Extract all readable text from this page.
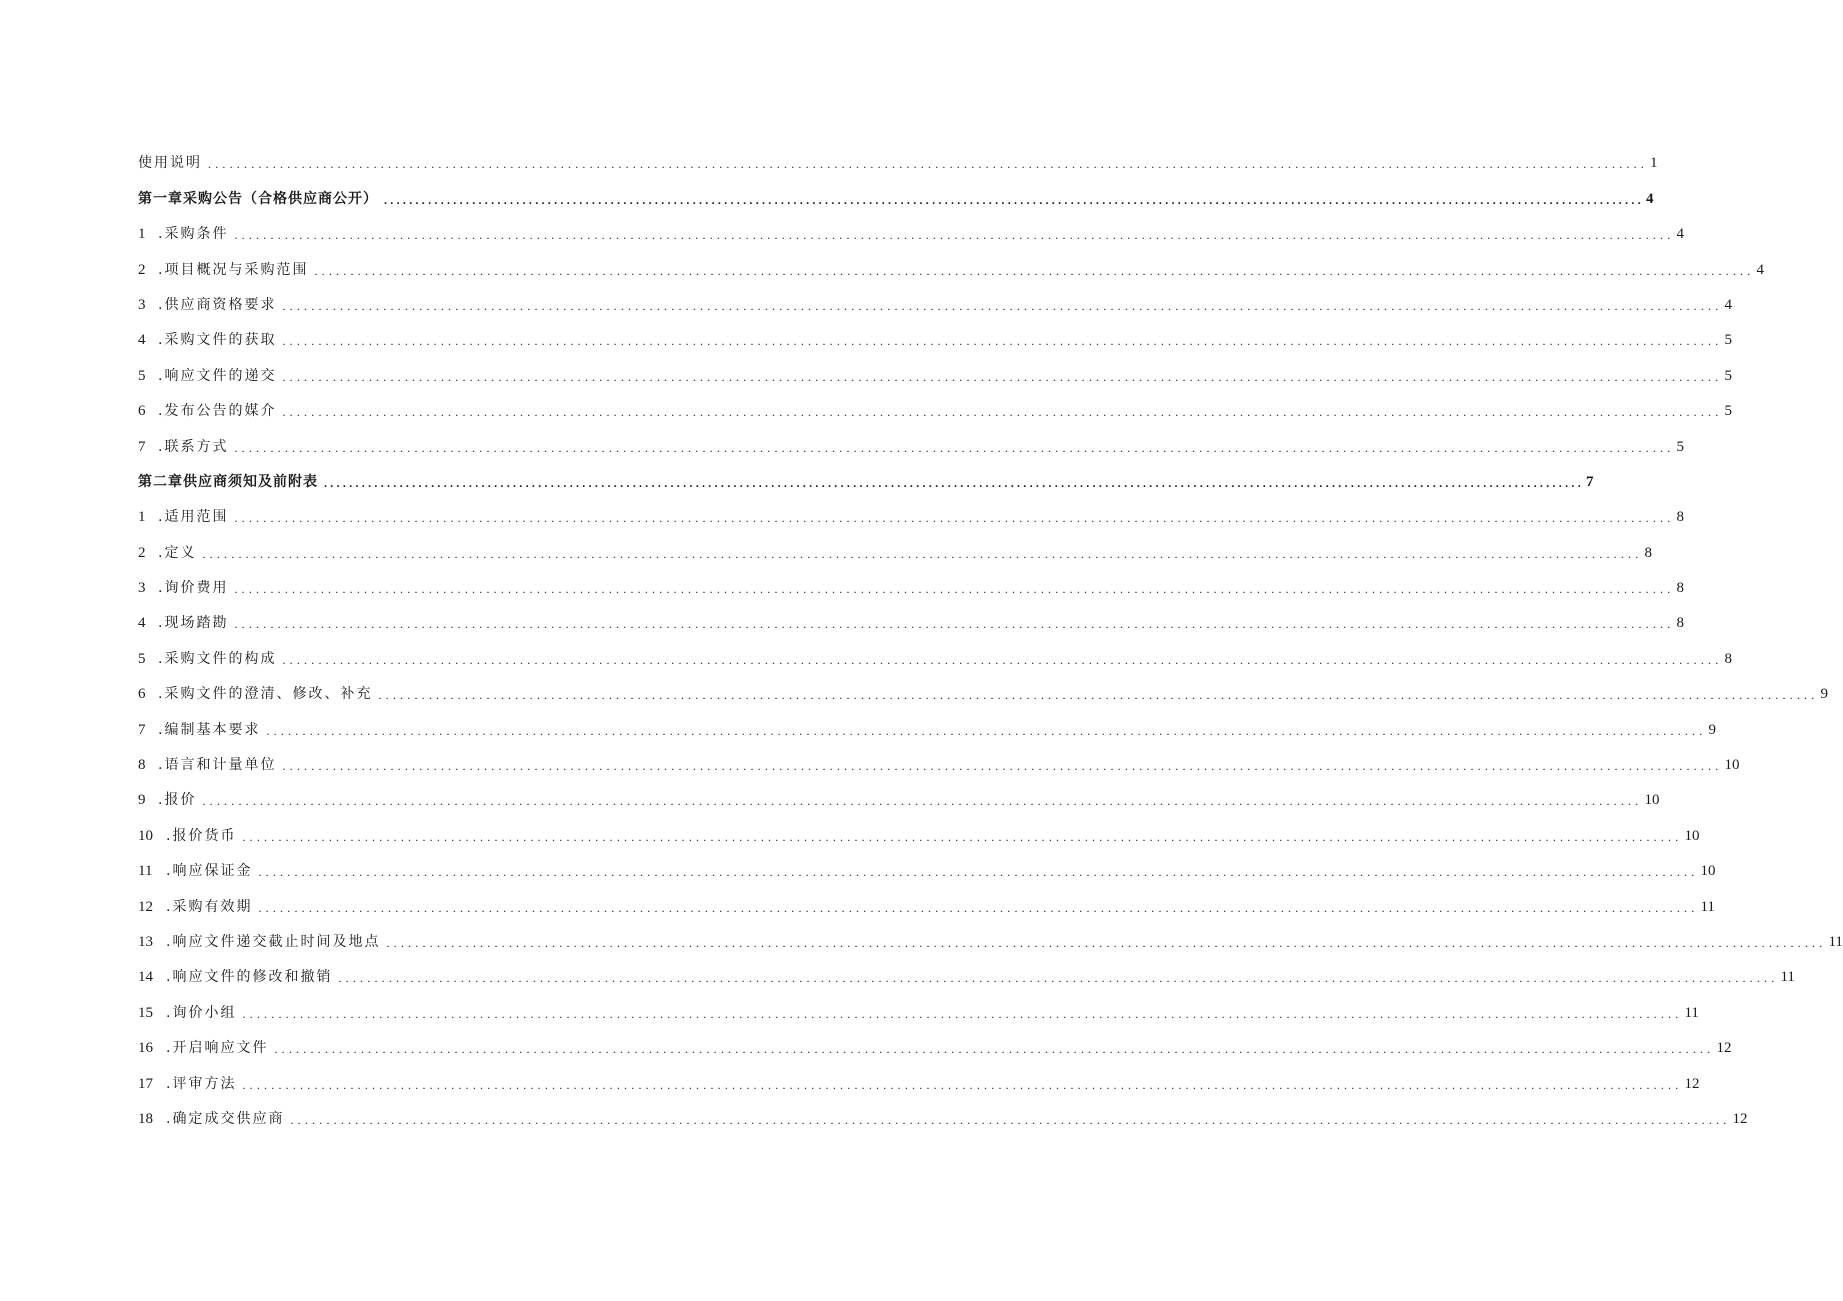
使用说明 ........................................................................................................................................................................................................ 1
第一章采购公告（合格供应商公开） ........................................................................................................................................................................................................ 4
1 .采购条件 ........................................................................................................................................................................................................ 4
2 .项目概况与采购范围 ........................................................................................................................................................................................................ 4
3 .供应商资格要求 ........................................................................................................................................................................................................ 4
4 .采购文件的获取 ........................................................................................................................................................................................................ 5
5 .响应文件的递交 ........................................................................................................................................................................................................ 5
6 .发布公告的媒介 ........................................................................................................................................................................................................ 5
7 .联系方式 ........................................................................................................................................................................................................ 5
第二章供应商须知及前附表 ........................................................................................................................................................................................................ 7
1 .适用范围 ........................................................................................................................................................................................................ 8
2 .定义 ........................................................................................................................................................................................................ 8
3 .询价费用 ........................................................................................................................................................................................................ 8
4 .现场踏勘 ........................................................................................................................................................................................................ 8
5 .采购文件的构成 ........................................................................................................................................................................................................ 8
6 .采购文件的澄清、修改、补充 ........................................................................................................................................................................................................ 9
7 .编制基本要求 ........................................................................................................................................................................................................ 9
8 .语言和计量单位 ........................................................................................................................................................................................................ 10
9 .报价 ........................................................................................................................................................................................................ 10
10 .报价货币 ........................................................................................................................................................................................................ 10
11 .响应保证金 ........................................................................................................................................................................................................ 10
12 .采购有效期 ........................................................................................................................................................................................................ 11
13 .响应文件递交截止时间及地点 ........................................................................................................................................................................................................ 11
14 .响应文件的修改和撤销 ........................................................................................................................................................................................................ 11
15 .询价小组 ........................................................................................................................................................................................................ 11
16 .开启响应文件 ........................................................................................................................................................................................................ 12
17 .评审方法 ........................................................................................................................................................................................................ 12
18 .确定成交供应商 ........................................................................................................................................................................................................ 12
